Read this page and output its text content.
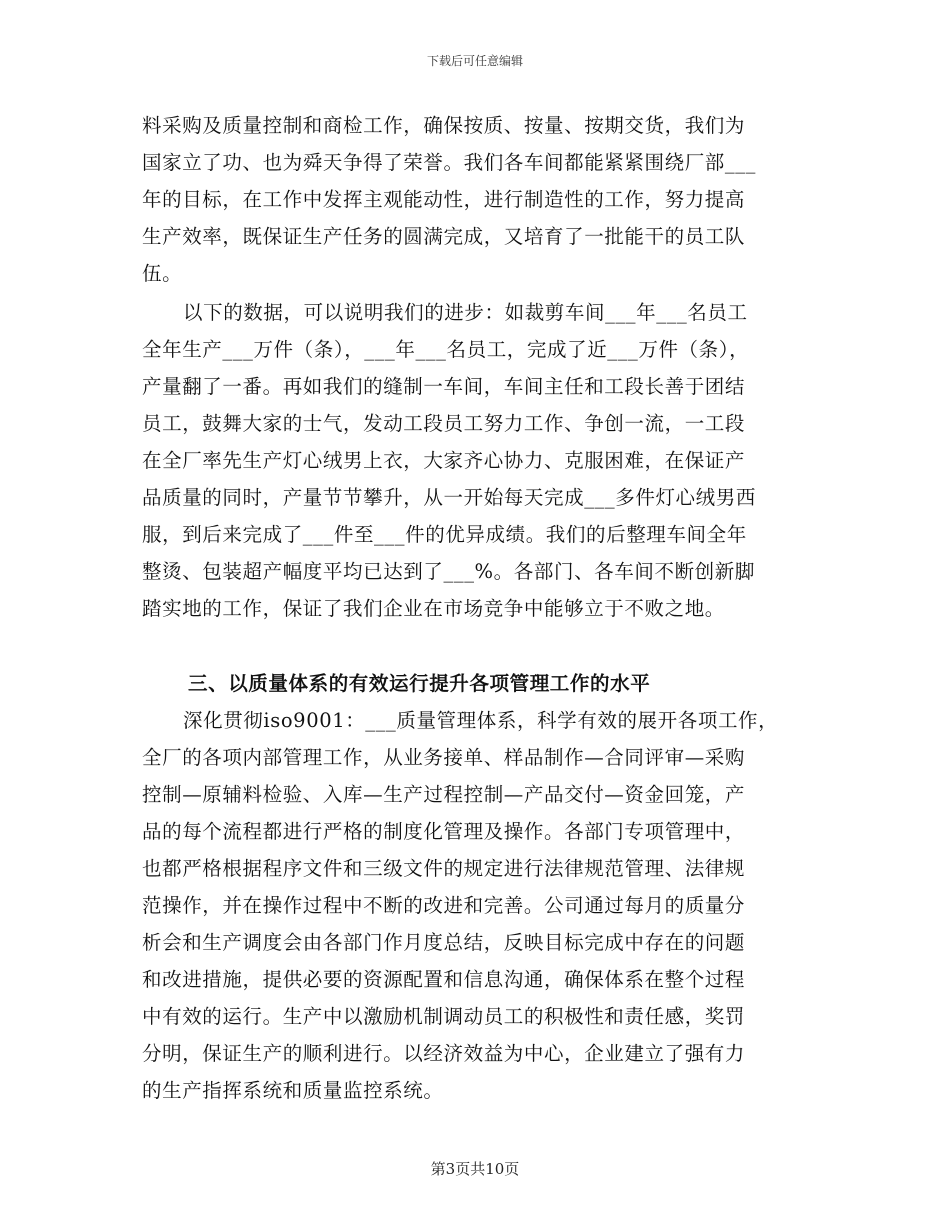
下载后可任意编辑
料采购及质量控制和商检工作，确保按质、按量、按期交货，我们为
国家立了功、也为舜天争得了荣誉。我们各车间都能紧紧围绕厂部___
年的目标，在工作中发挥主观能动性，进行制造性的工作，努力提高
生产效率，既保证生产任务的圆满完成，又培育了一批能干的员工队
伍。
以下的数据，可以说明我们的进步：如裁剪车间___年___名员工
全年生产___万件（条），___年___名员工，完成了近___万件（条），
产量翻了一番。再如我们的缝制一车间，车间主任和工段长善于团结
员工，鼓舞大家的士气，发动工段员工努力工作、争创一流，一工段
在全厂率先生产灯心绒男上衣，大家齐心协力、克服困难，在保证产
品质量的同时，产量节节攀升，从一开始每天完成___多件灯心绒男西
服，到后来完成了___件至___件的优异成绩。我们的后整理车间全年
整烫、包装超产幅度平均已达到了___%。各部门、各车间不断创新脚
踏实地的工作，保证了我们企业在市场竞争中能够立于不败之地。
三、以质量体系的有效运行提升各项管理工作的水平
深化贯彻iso9001：___质量管理体系，科学有效的展开各项工作，
全厂的各项内部管理工作，从业务接单、样品制作—合同评审—采购
控制—原辅料检验、入库—生产过程控制—产品交付—资金回笼，产
品的每个流程都进行严格的制度化管理及操作。各部门专项管理中，
也都严格根据程序文件和三级文件的规定进行法律规范管理、法律规
范操作，并在操作过程中不断的改进和完善。公司通过每月的质量分
析会和生产调度会由各部门作月度总结，反映目标完成中存在的问题
和改进措施，提供必要的资源配置和信息沟通，确保体系在整个过程
中有效的运行。生产中以激励机制调动员工的积极性和责任感，奖罚
分明，保证生产的顺利进行。以经济效益为中心，企业建立了强有力
的生产指挥系统和质量监控系统。
第3页共10页
